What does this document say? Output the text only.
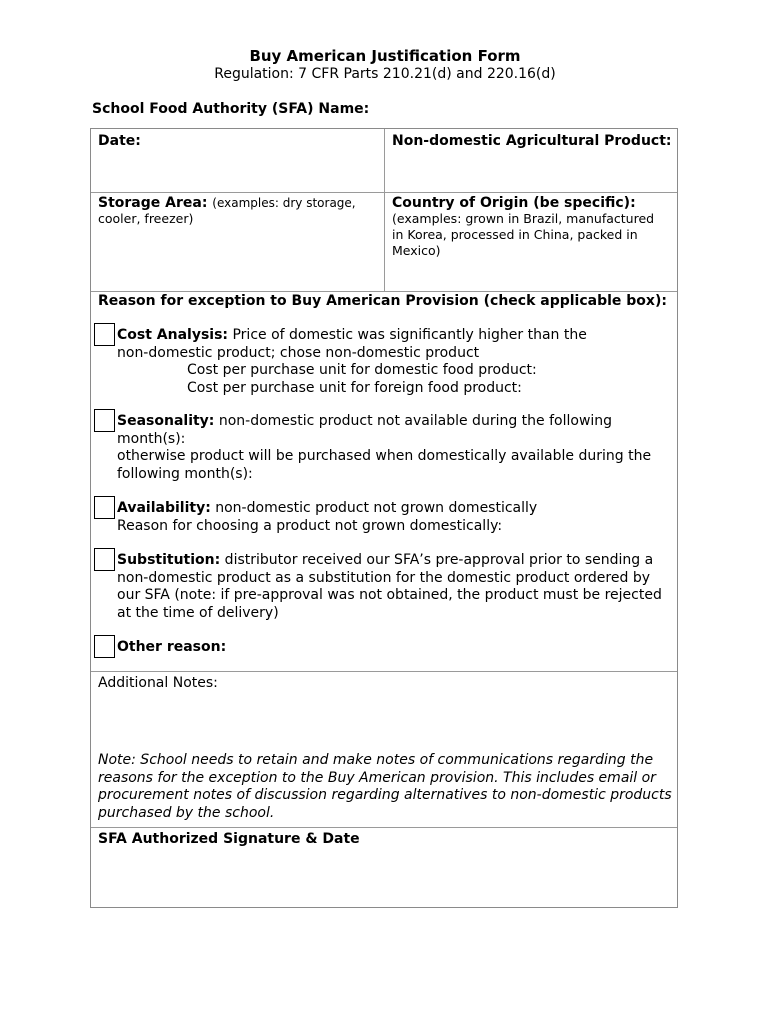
Buy American Justification Form
Regulation: 7 CFR Parts 210.21(d) and 220.16(d)
School Food Authority (SFA) Name:
Date:	Non-domestic Agricultural Product:
Storage Area: (examples: dry storage,
cooler, freezer)
Country of Origin (be specific):
(examples: grown in Brazil, manufactured
in Korea, processed in China, packed in
Mexico)
Reason for exception to Buy American Provision (check applicable box):
Cost Analysis: Price of domestic was significantly higher than the
non-domestic product; chose non-domestic product
Cost per purchase unit for domestic food product:
Cost per purchase unit for foreign food product:
Seasonality: non-domestic product not available during the following
month(s):
otherwise product will be purchased when domestically available during the
following month(s):
Availability: non-domestic product not grown domestically
Reason for choosing a product not grown domestically:
Substitution: distributor received our SFA’s pre-approval prior to sending a
non-domestic product as a substitution for the domestic product ordered by
our SFA (note: if pre-approval was not obtained, the product must be rejected
at the time of delivery)
Other reason:
Additional Notes:
Note: School needs to retain and make notes of communications regarding the
reasons for the exception to the Buy American provision. This includes email or
procurement notes of discussion regarding alternatives to non-domestic products
purchased by the school.
SFA Authorized Signature & Date
